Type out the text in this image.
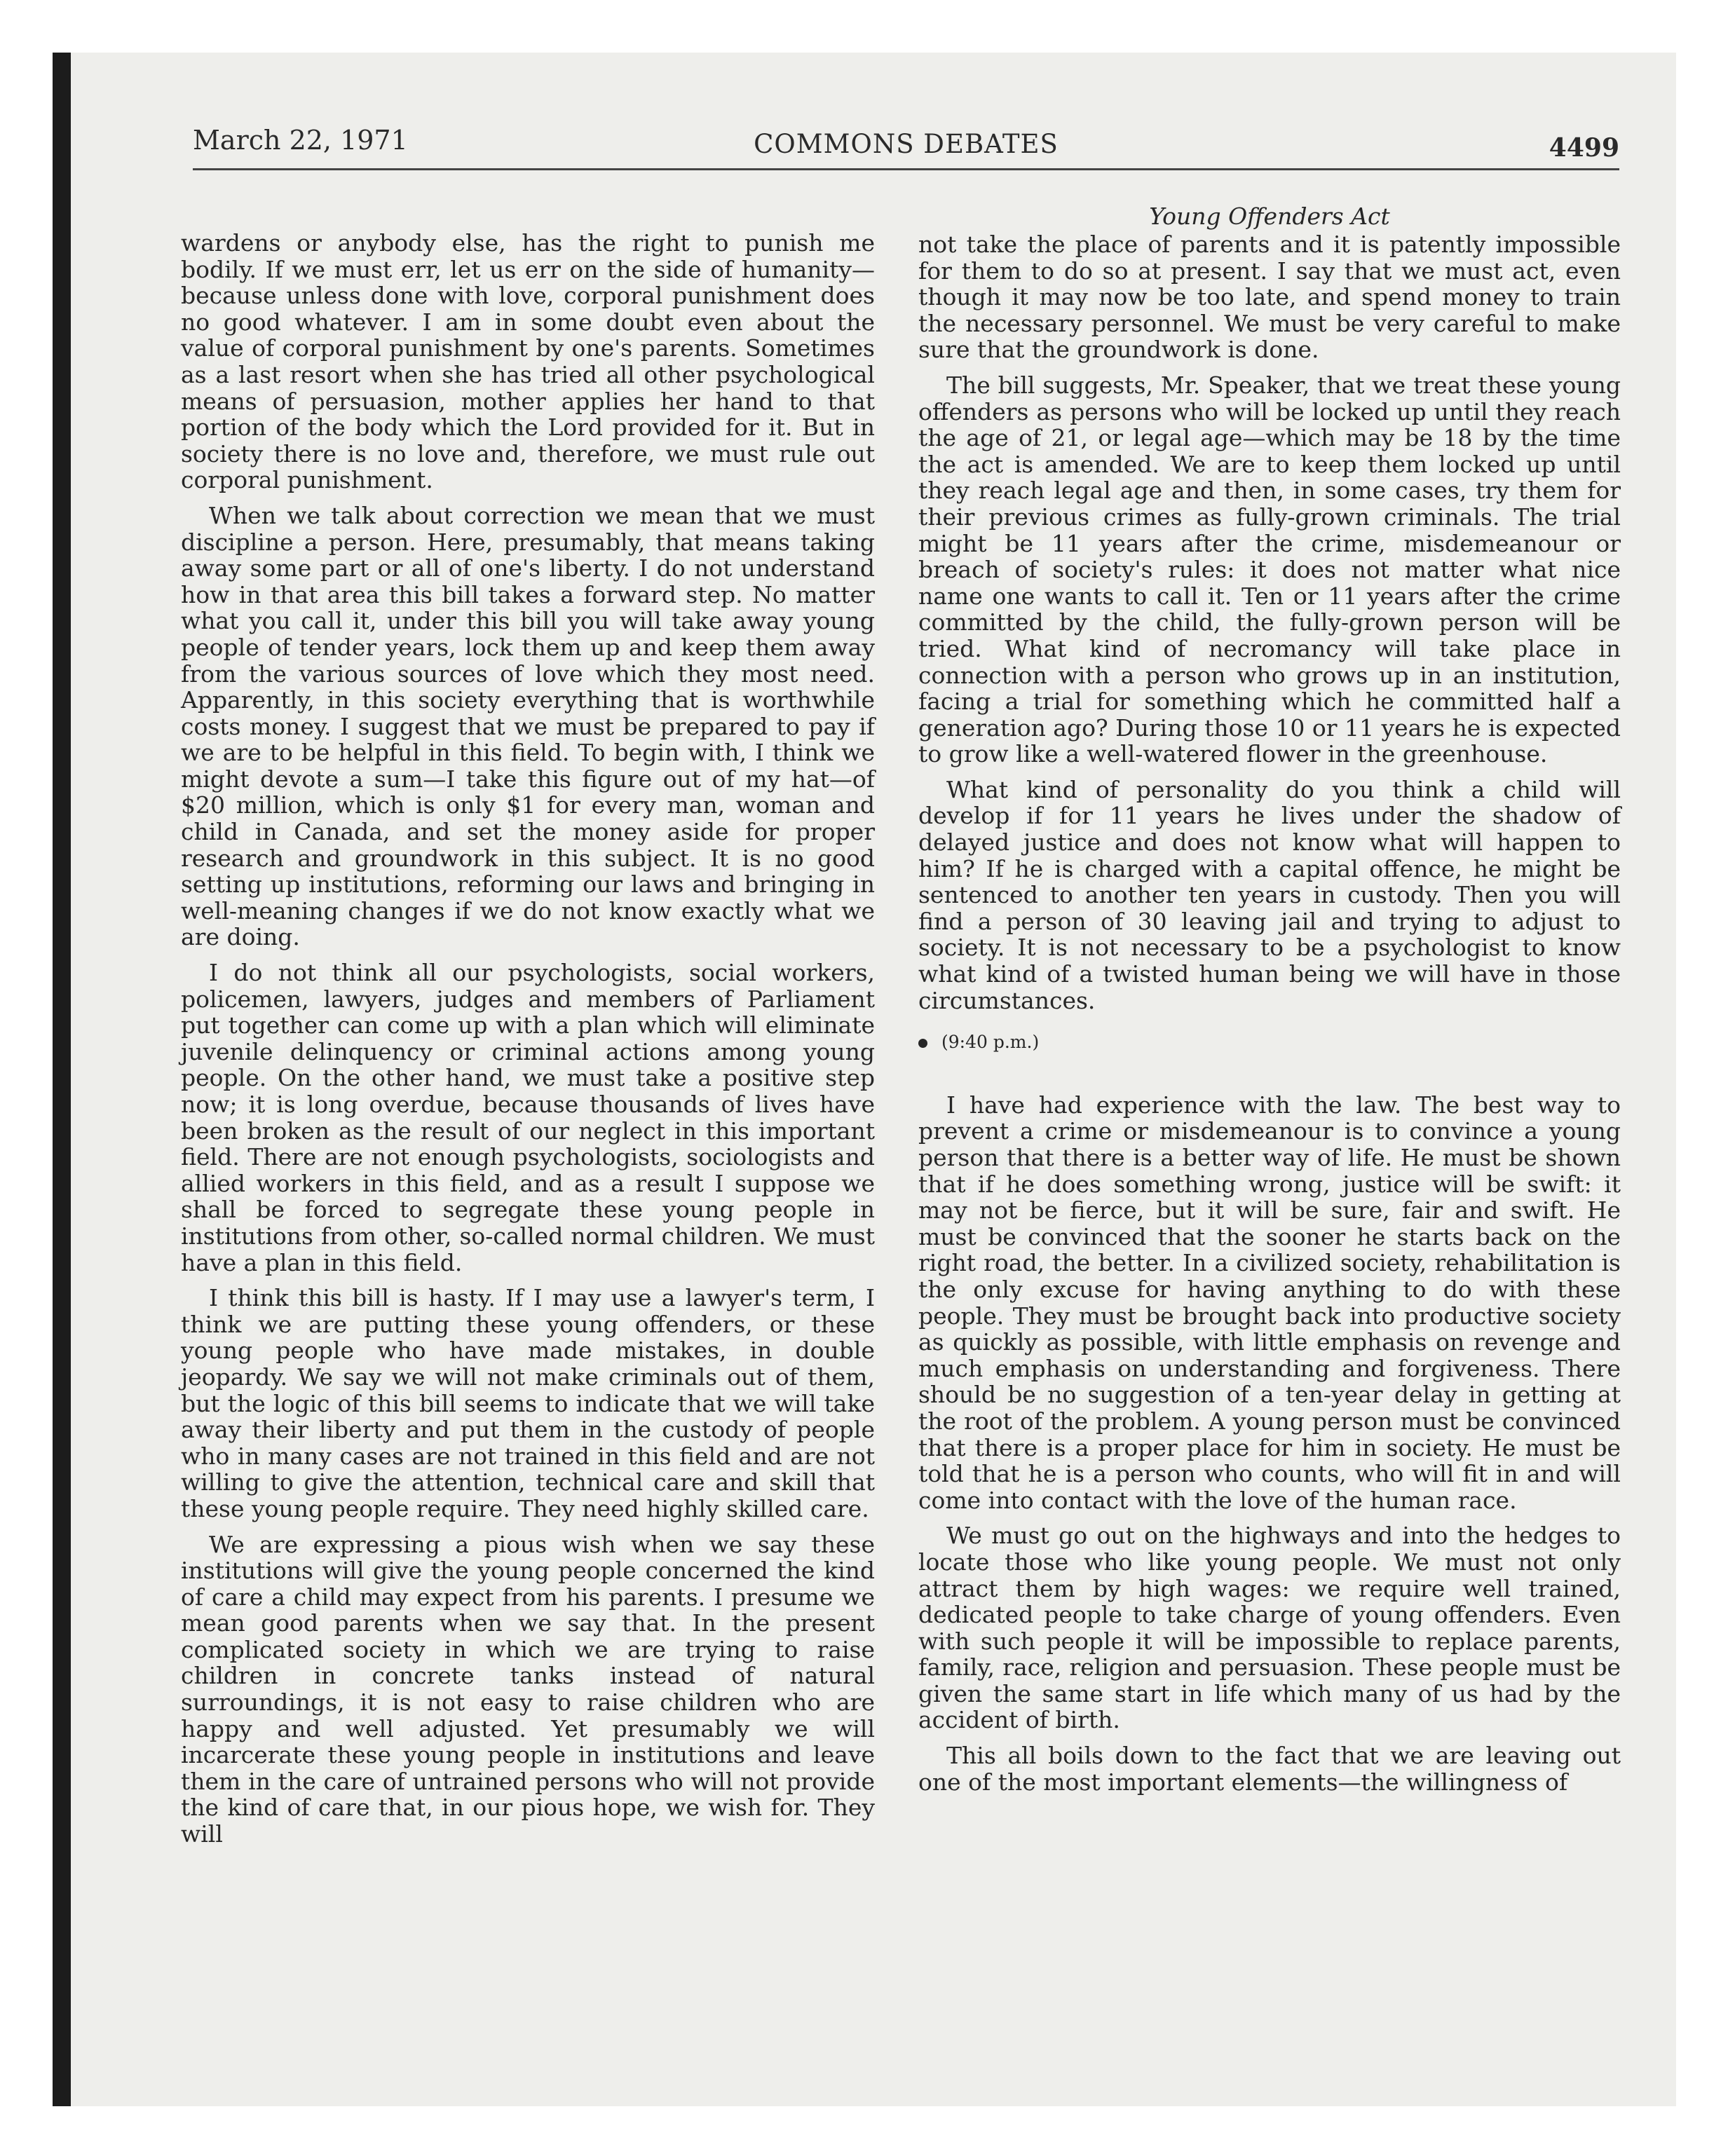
March 22, 1971	COMMONS DEBATES	4499

wardens or anybody else, has the right to punish me bodily. If we must err, let us err on the side of humanity—because unless done with love, corporal punishment does no good whatever. I am in some doubt even about the value of corporal punishment by one's parents. Sometimes as a last resort when she has tried all other psychological means of persuasion, mother applies her hand to that portion of the body which the Lord provided for it. But in society there is no love and, therefore, we must rule out corporal punishment.

When we talk about correction we mean that we must discipline a person. Here, presumably, that means taking away some part or all of one's liberty. I do not understand how in that area this bill takes a forward step. No matter what you call it, under this bill you will take away young people of tender years, lock them up and keep them away from the various sources of love which they most need. Apparently, in this society everything that is worthwhile costs money. I suggest that we must be prepared to pay if we are to be helpful in this field. To begin with, I think we might devote a sum—I take this figure out of my hat—of $20 million, which is only $1 for every man, woman and child in Canada, and set the money aside for proper research and groundwork in this subject. It is no good setting up institutions, reforming our laws and bringing in well-meaning changes if we do not know exactly what we are doing.

I do not think all our psychologists, social workers, policemen, lawyers, judges and members of Parliament put together can come up with a plan which will eliminate juvenile delinquency or criminal actions among young people. On the other hand, we must take a positive step now; it is long overdue, because thousands of lives have been broken as the result of our neglect in this important field. There are not enough psychologists, sociologists and allied workers in this field, and as a result I suppose we shall be forced to segregate these young people in institutions from other, so-called normal children. We must have a plan in this field.

I think this bill is hasty. If I may use a lawyer's term, I think we are putting these young offenders, or these young people who have made mistakes, in double jeopardy. We say we will not make criminals out of them, but the logic of this bill seems to indicate that we will take away their liberty and put them in the custody of people who in many cases are not trained in this field and are not willing to give the attention, technical care and skill that these young people require. They need highly skilled care.

We are expressing a pious wish when we say these institutions will give the young people concerned the kind of care a child may expect from his parents. I presume we mean good parents when we say that. In the present complicated society in which we are trying to raise children in concrete tanks instead of natural surroundings, it is not easy to raise children who are happy and well adjusted. Yet presumably we will incarcerate these young people in institutions and leave them in the care of untrained persons who will not provide the kind of care that, in our pious hope, we wish for. They will

Young Offenders Act

not take the place of parents and it is patently impossible for them to do so at present. I say that we must act, even though it may now be too late, and spend money to train the necessary personnel. We must be very careful to make sure that the groundwork is done.

The bill suggests, Mr. Speaker, that we treat these young offenders as persons who will be locked up until they reach the age of 21, or legal age—which may be 18 by the time the act is amended. We are to keep them locked up until they reach legal age and then, in some cases, try them for their previous crimes as fully-grown criminals. The trial might be 11 years after the crime, misdemeanour or breach of society's rules: it does not matter what nice name one wants to call it. Ten or 11 years after the crime committed by the child, the fully-grown person will be tried. What kind of necromancy will take place in connection with a person who grows up in an institution, facing a trial for something which he committed half a generation ago? During those 10 or 11 years he is expected to grow like a well-watered flower in the greenhouse.

What kind of personality do you think a child will develop if for 11 years he lives under the shadow of delayed justice and does not know what will happen to him? If he is charged with a capital offence, he might be sentenced to another ten years in custody. Then you will find a person of 30 leaving jail and trying to adjust to society. It is not necessary to be a psychologist to know what kind of a twisted human being we will have in those circumstances.

(9:40 p.m.)

I have had experience with the law. The best way to prevent a crime or misdemeanour is to convince a young person that there is a better way of life. He must be shown that if he does something wrong, justice will be swift: it may not be fierce, but it will be sure, fair and swift. He must be convinced that the sooner he starts back on the right road, the better. In a civilized society, rehabilitation is the only excuse for having anything to do with these people. They must be brought back into productive society as quickly as possible, with little emphasis on revenge and much emphasis on understanding and forgiveness. There should be no suggestion of a ten-year delay in getting at the root of the problem. A young person must be convinced that there is a proper place for him in society. He must be told that he is a person who counts, who will fit in and will come into contact with the love of the human race.

We must go out on the highways and into the hedges to locate those who like young people. We must not only attract them by high wages: we require well trained, dedicated people to take charge of young offenders. Even with such people it will be impossible to replace parents, family, race, religion and persuasion. These people must be given the same start in life which many of us had by the accident of birth.

This all boils down to the fact that we are leaving out one of the most important elements—the willingness of
